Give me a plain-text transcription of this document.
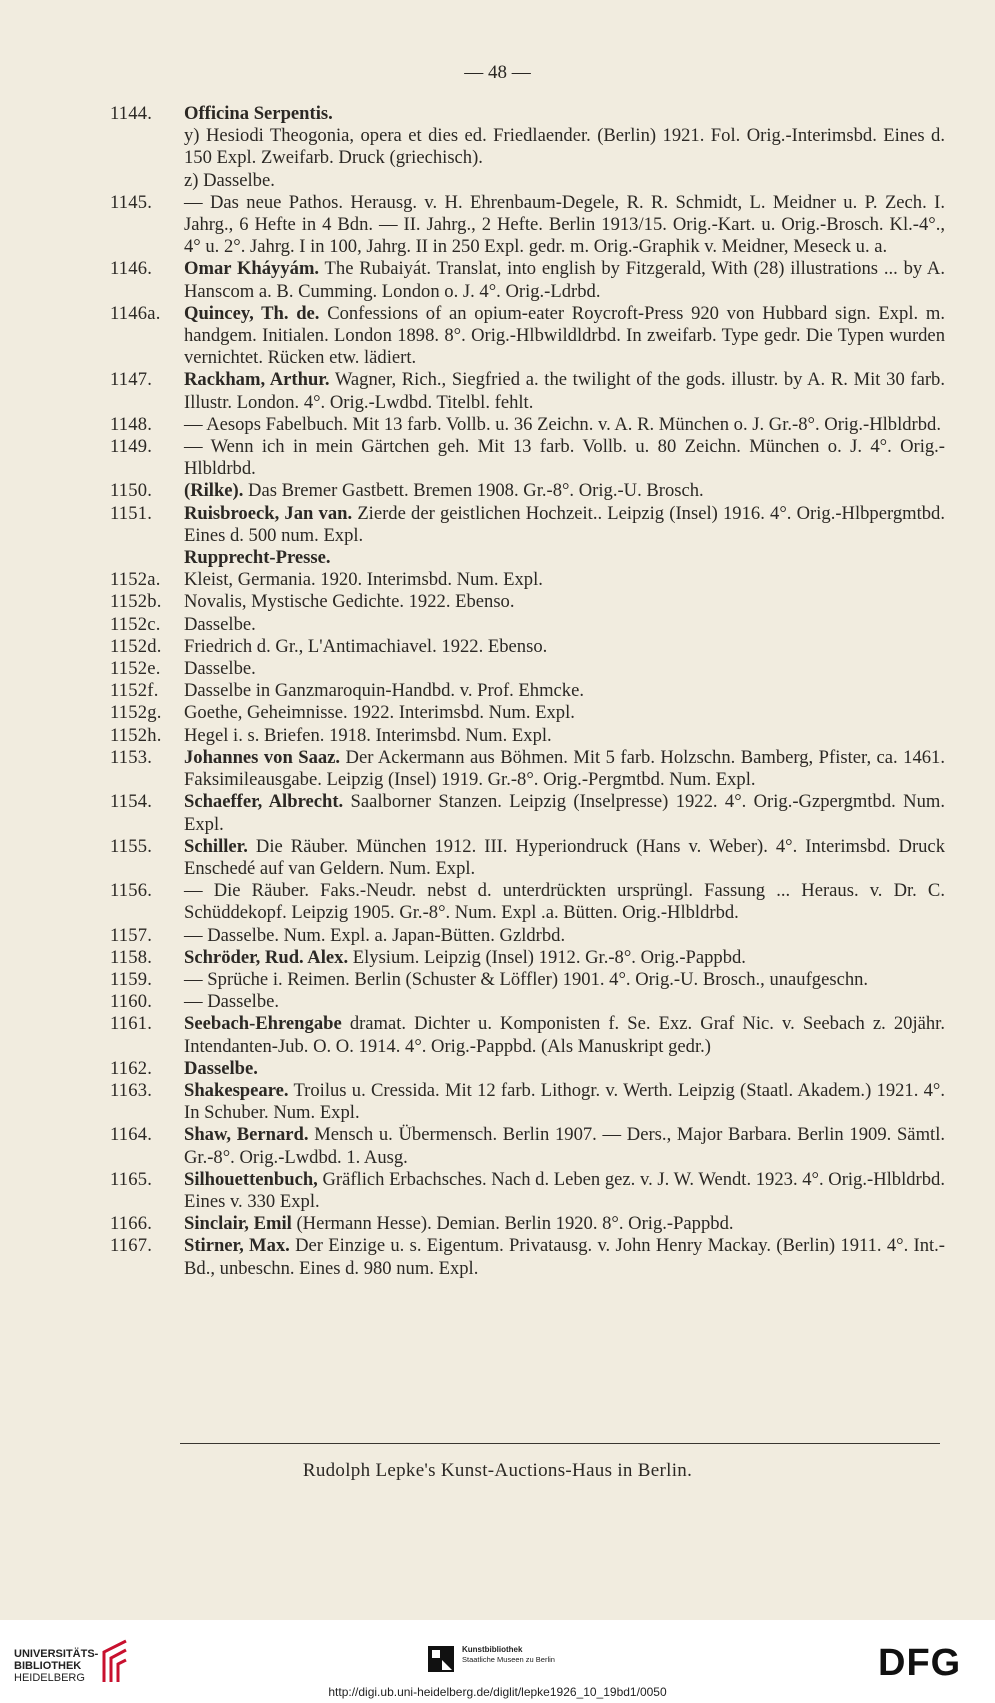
— 48 —
1144.	Officina Serpentis.
y) Hesiodi Theogonia, opera et dies ed. Friedlaender. (Berlin) 1921. Fol. Orig.-Interimsbd. Eines d. 150 Expl. Zweifarb. Druck (griechisch).
z) Dasselbe.
1145.	— Das neue Pathos. Herausg. v. H. Ehrenbaum-Degele, R. R. Schmidt, L. Meidner u. P. Zech. I. Jahrg., 6 Hefte in 4 Bdn. — II. Jahrg., 2 Hefte. Berlin 1913/15. Orig.-Kart. u. Orig.-Brosch. Kl.-4°., 4° u. 2°. Jahrg. I in 100, Jahrg. II in 250 Expl. gedr. m. Orig.-Graphik v. Meidner, Meseck u. a.
1146.	Omar Kháyyám. The Rubaiyát. Translat, into english by Fitzgerald, With (28) illustrations ... by A. Hanscom a. B. Cumming. London o. J. 4°. Orig.-Ldrbd.
1146a.	Quincey, Th. de. Confessions of an opium-eater Roycroft-Press 920 von Hubbard sign. Expl. m. handgem. Initialen. London 1898. 8°. Orig.-Hlbwildldrbd. In zweifarb. Type gedr. Die Typen wurden vernichtet. Rücken etw. lädiert.
1147.	Rackham, Arthur. Wagner, Rich., Siegfried a. the twilight of the gods. illustr. by A. R. Mit 30 farb. Illustr. London. 4°. Orig.-Lwdbd. Titelbl. fehlt.
1148.	— Aesops Fabelbuch. Mit 13 farb. Vollb. u. 36 Zeichn. v. A. R. München o. J. Gr.-8°. Orig.-Hlbldrbd.
1149.	— Wenn ich in mein Gärtchen geh. Mit 13 farb. Vollb. u. 80 Zeichn. München o. J. 4°. Orig.-Hlbldrbd.
1150.	(Rilke). Das Bremer Gastbett. Bremen 1908. Gr.-8°. Orig.-U. Brosch.
1151.	Ruisbroeck, Jan van. Zierde der geistlichen Hochzeit.. Leipzig (Insel) 1916. 4°. Orig.-Hlbpergmtbd. Eines d. 500 num. Expl.
Rupprecht-Presse.
1152a.	Kleist, Germania. 1920. Interimsbd. Num. Expl.
1152b.	Novalis, Mystische Gedichte. 1922. Ebenso.
1152c.	Dasselbe.
1152d.	Friedrich d. Gr., L'Antimachiavel. 1922. Ebenso.
1152e.	Dasselbe.
1152f.	Dasselbe in Ganzmaroquin-Handbd. v. Prof. Ehmcke.
1152g.	Goethe, Geheimnisse. 1922. Interimsbd. Num. Expl.
1152h.	Hegel i. s. Briefen. 1918. Interimsbd. Num. Expl.
1153.	Johannes von Saaz. Der Ackermann aus Böhmen. Mit 5 farb. Holzschn. Bamberg, Pfister, ca. 1461. Faksimileausgabe. Leipzig (Insel) 1919. Gr.-8°. Orig.-Pergmtbd. Num. Expl.
1154.	Schaeffer, Albrecht. Saalborner Stanzen. Leipzig (Inselpresse) 1922. 4°. Orig.-Gzpergmtbd. Num. Expl.
1155.	Schiller. Die Räuber. München 1912. III. Hyperiondruck (Hans v. Weber). 4°. Interimsbd. Druck Enschedé auf van Geldern. Num. Expl.
1156.	— Die Räuber. Faks.-Neudr. nebst d. unterdrückten ursprüngl. Fassung ... Heraus. v. Dr. C. Schüddekopf. Leipzig 1905. Gr.-8°. Num. Expl .a. Bütten. Orig.-Hlbldrbd.
1157.	— Dasselbe. Num. Expl. a. Japan-Bütten. Gzldrbd.
1158.	Schröder, Rud. Alex. Elysium. Leipzig (Insel) 1912. Gr.-8°. Orig.-Pappbd.
1159.	— Sprüche i. Reimen. Berlin (Schuster & Löffler) 1901. 4°. Orig.-U. Brosch., unaufgeschn.
1160.	— Dasselbe.
1161.	Seebach-Ehrengabe dramat. Dichter u. Komponisten f. Se. Exz. Graf Nic. v. Seebach z. 20jähr. Intendanten-Jub. O. O. 1914. 4°. Orig.-Pappbd. (Als Manuskript gedr.)
1162.	Dasselbe.
1163.	Shakespeare. Troilus u. Cressida. Mit 12 farb. Lithogr. v. Werth. Leipzig (Staatl. Akadem.) 1921. 4°. In Schuber. Num. Expl.
1164.	Shaw, Bernard. Mensch u. Übermensch. Berlin 1907. — Ders., Major Barbara. Berlin 1909. Sämtl. Gr.-8°. Orig.-Lwdbd. 1. Ausg.
1165.	Silhouettenbuch, Gräflich Erbachsches. Nach d. Leben gez. v. J. W. Wendt. 1923. 4°. Orig.-Hlbldrbd. Eines v. 330 Expl.
1166.	Sinclair, Emil (Hermann Hesse). Demian. Berlin 1920. 8°. Orig.-Pappbd.
1167.	Stirner, Max. Der Einzige u. s. Eigentum. Privatausg. v. John Henry Mackay. (Berlin) 1911. 4°. Int.-Bd., unbeschn. Eines d. 980 num. Expl.
Rudolph Lepke's Kunst-Auctions-Haus in Berlin.
UNIVERSITÄTS-
BIBLIOTHEK
HEIDELBERG
Kunstbibliothek
Staatliche Museen zu Berlin	DFG
http://digi.ub.uni-heidelberg.de/diglit/lepke1926_10_19bd1/0050
